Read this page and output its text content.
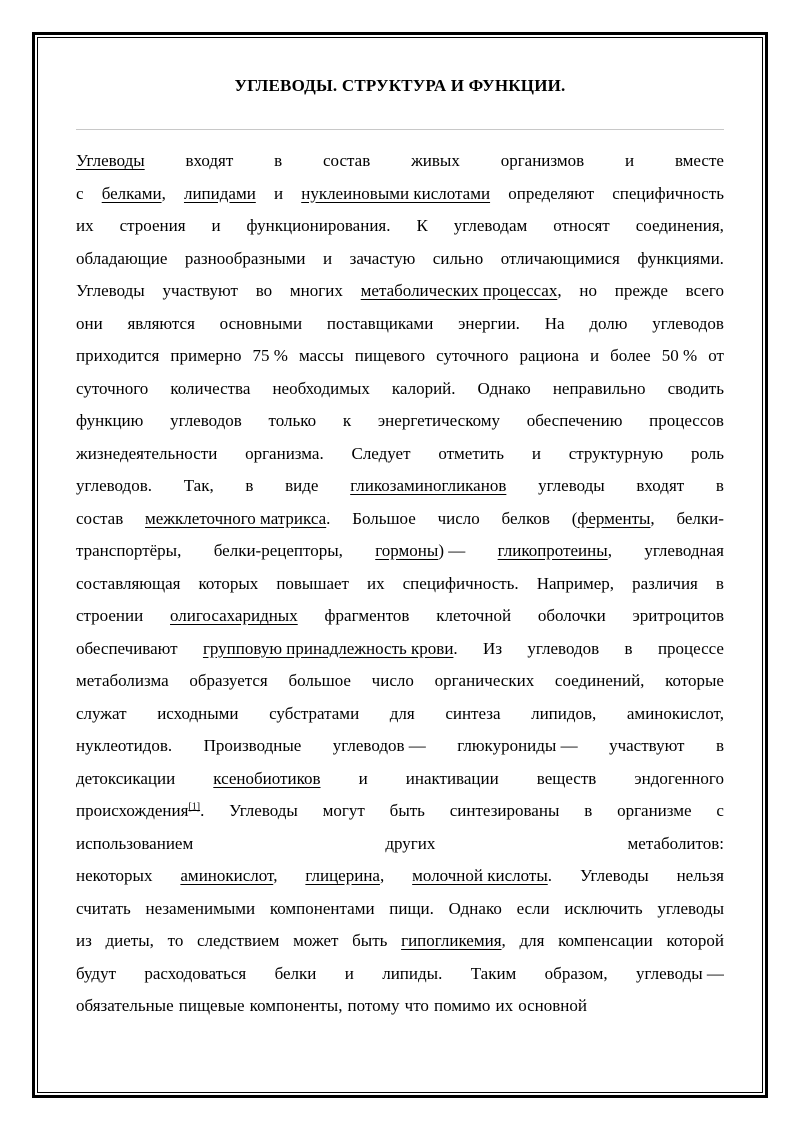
УГЛЕВОДЫ. СТРУКТУРА И ФУНКЦИИ.
Углеводы входят в состав живых организмов и вместе
с белками, липидами и нуклеиновыми кислотами определяют специфичность
их строения и функционирования. К углеводам относят соединения,
обладающие разнообразными и зачастую сильно отличающимися функциями.
Углеводы участвуют во многих метаболических процессах, но прежде всего
они являются основными поставщиками энергии. На долю углеводов
приходится примерно 75 % массы пищевого суточного рациона и более 50 % от
суточного количества необходимых калорий. Однако неправильно сводить
функцию углеводов только к энергетическому обеспечению процессов
жизнедеятельности организма. Следует отметить и структурную роль
углеводов. Так, в виде гликозаминогликанов углеводы входят в
состав межклеточного матрикса. Большое число белков (ферменты, белки-
транспортёры, белки-рецепторы, гормоны) — гликопротеины, углеводная
составляющая которых повышает их специфичность. Например, различия в
строении олигосахаридных фрагментов клеточной оболочки эритроцитов
обеспечивают групповую принадлежность крови. Из углеводов в процессе
метаболизма образуется большое число органических соединений, которые
служат исходными субстратами для синтеза липидов, аминокислот,
нуклеотидов. Производные углеводов — глюкурониды — участвуют в
детоксикации ксенобиотиков и инактивации веществ эндогенного
происхождения[1]. Углеводы могут быть синтезированы в организме с
использованием	других	метаболитов:
некоторых аминокислот, глицерина, молочной кислоты. Углеводы нельзя
считать незаменимыми компонентами пищи. Однако если исключить углеводы
из диеты, то следствием может быть гипогликемия, для компенсации которой
будут расходоваться белки и липиды. Таким образом, углеводы —
обязательные пищевые компоненты, потому что помимо их основной
